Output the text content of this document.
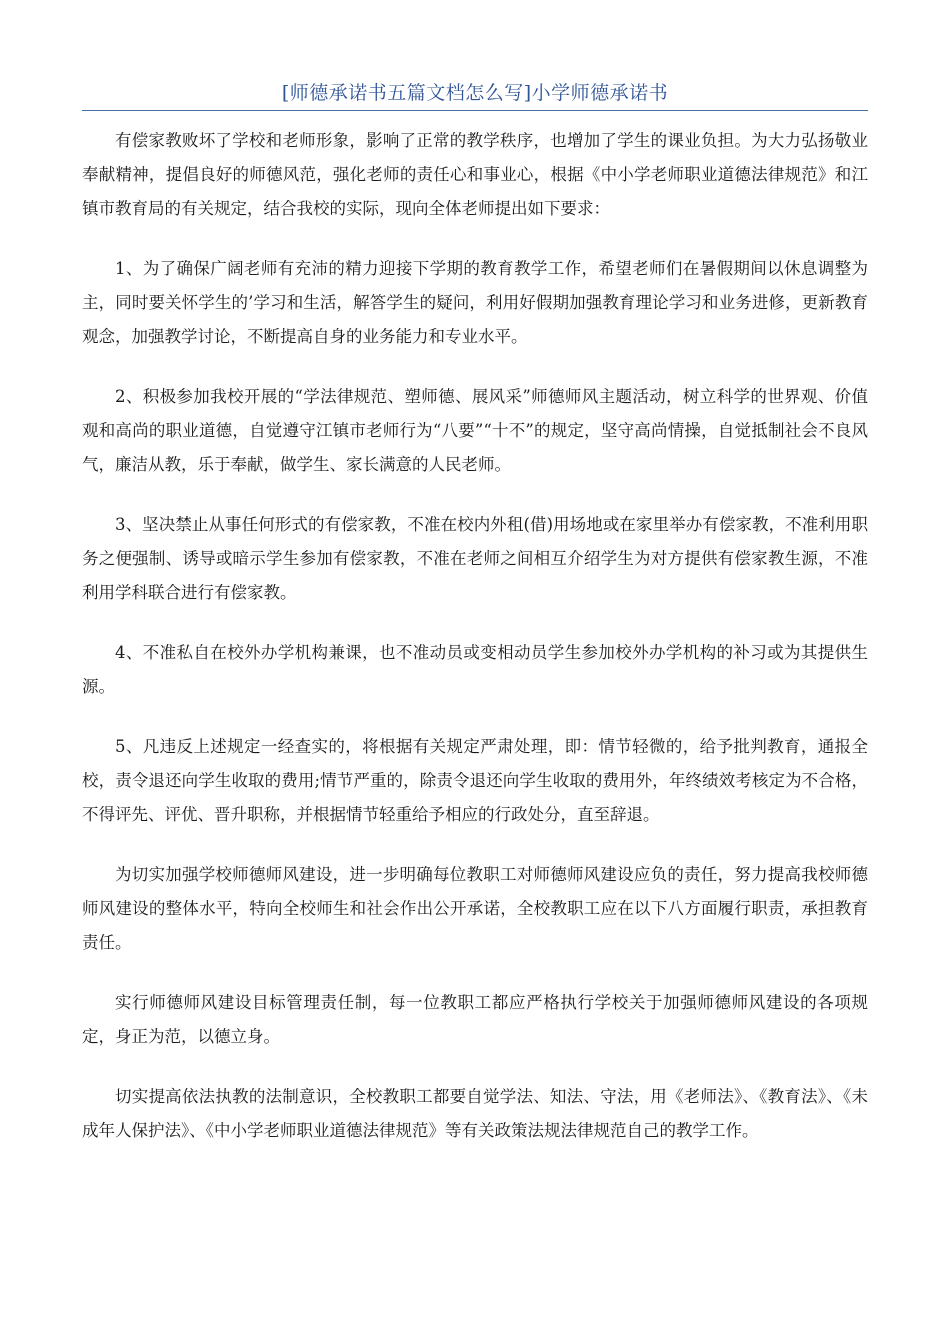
[师德承诺书五篇文档怎么写]小学师德承诺书

有偿家教败坏了学校和老师形象，影响了正常的教学秩序，也增加了学生的课业负担。为大力弘扬敬业奉献精神，提倡良好的师德风范，强化老师的责任心和事业心，根据《中小学老师职业道德法律规范》和江镇市教育局的有关规定，结合我校的实际，现向全体老师提出如下要求：

1、为了确保广阔老师有充沛的精力迎接下学期的教育教学工作，希望老师们在暑假期间以休息调整为主，同时要关怀学生的’学习和生活，解答学生的疑问，利用好假期加强教育理论学习和业务进修，更新教育观念，加强教学讨论，不断提高自身的业务能力和专业水平。

2、积极参加我校开展的“学法律规范、塑师德、展风采”师德师风主题活动，树立科学的世界观、价值观和高尚的职业道德，自觉遵守江镇市老师行为“八要”“十不”的规定，坚守高尚情操，自觉抵制社会不良风气，廉洁从教，乐于奉献，做学生、家长满意的人民老师。

3、坚决禁止从事任何形式的有偿家教，不准在校内外租(借)用场地或在家里举办有偿家教，不准利用职务之便强制、诱导或暗示学生参加有偿家教，不准在老师之间相互介绍学生为对方提供有偿家教生源，不准利用学科联合进行有偿家教。

4、不准私自在校外办学机构兼课，也不准动员或变相动员学生参加校外办学机构的补习或为其提供生源。

5、凡违反上述规定一经查实的，将根据有关规定严肃处理，即：情节轻微的，给予批判教育，通报全校，责令退还向学生收取的费用;情节严重的，除责令退还向学生收取的费用外，年终绩效考核定为不合格，不得评先、评优、晋升职称，并根据情节轻重给予相应的行政处分，直至辞退。

为切实加强学校师德师风建设，进一步明确每位教职工对师德师风建设应负的责任，努力提高我校师德师风建设的整体水平，特向全校师生和社会作出公开承诺，全校教职工应在以下八方面履行职责，承担教育责任。

实行师德师风建设目标管理责任制，每一位教职工都应严格执行学校关于加强师德师风建设的各项规定，身正为范，以德立身。

切实提高依法执教的法制意识，全校教职工都要自觉学法、知法、守法，用《老师法》、《教育法》、《未成年人保护法》、《中小学老师职业道德法律规范》等有关政策法规法律规范自己的教学工作。
